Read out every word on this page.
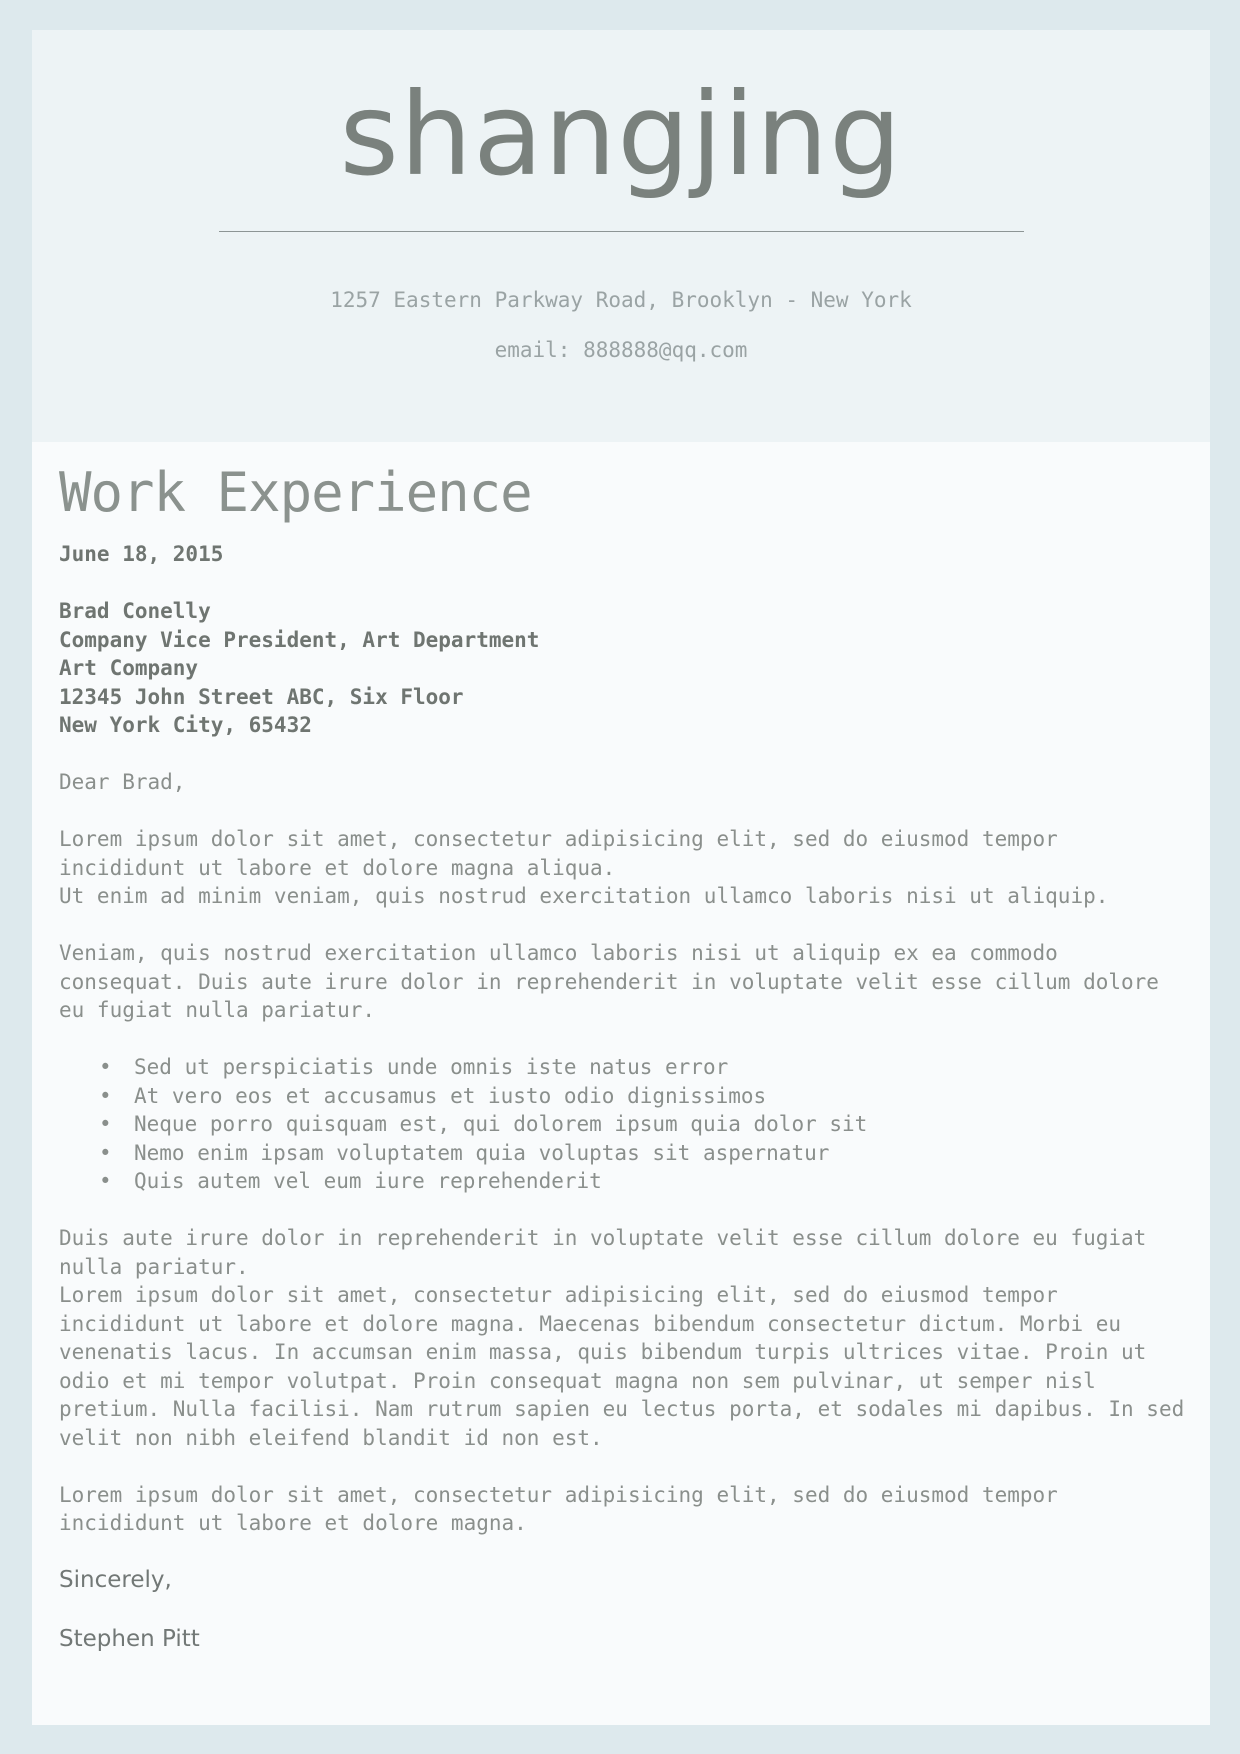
shangjing
1257 Eastern Parkway Road, Brooklyn - New York
email: 888888@qq.com
Work Experience
June 18, 2015
Brad Conelly
Company Vice President, Art Department
Art Company
12345 John Street ABC, Six Floor
New York City, 65432

Dear Brad,

Lorem ipsum dolor sit amet, consectetur adipisicing elit, sed do eiusmod tempor incididunt ut labore et dolore magna aliqua.
Ut enim ad minim veniam, quis nostrud exercitation ullamco laboris nisi ut aliquip.

Veniam, quis nostrud exercitation ullamco laboris nisi ut aliquip ex ea commodo consequat. Duis aute irure dolor in reprehenderit in voluptate velit esse cillum dolore eu fugiat nulla pariatur.

• Sed ut perspiciatis unde omnis iste natus error
• At vero eos et accusamus et iusto odio dignissimos
• Neque porro quisquam est, qui dolorem ipsum quia dolor sit
• Nemo enim ipsam voluptatem quia voluptas sit aspernatur
• Quis autem vel eum iure reprehenderit

Duis aute irure dolor in reprehenderit in voluptate velit esse cillum dolore eu fugiat nulla pariatur.
Lorem ipsum dolor sit amet, consectetur adipisicing elit, sed do eiusmod tempor incididunt ut labore et dolore magna. Maecenas bibendum consectetur dictum. Morbi eu venenatis lacus. In accumsan enim massa, quis bibendum turpis ultrices vitae. Proin ut odio et mi tempor volutpat. Proin consequat magna non sem pulvinar, ut semper nisl pretium. Nulla facilisi. Nam rutrum sapien eu lectus porta, et sodales mi dapibus. In sed velit non nibh eleifend blandit id non est.

Lorem ipsum dolor sit amet, consectetur adipisicing elit, sed do eiusmod tempor incididunt ut labore et dolore magna.

Sincerely,

Stephen Pitt
